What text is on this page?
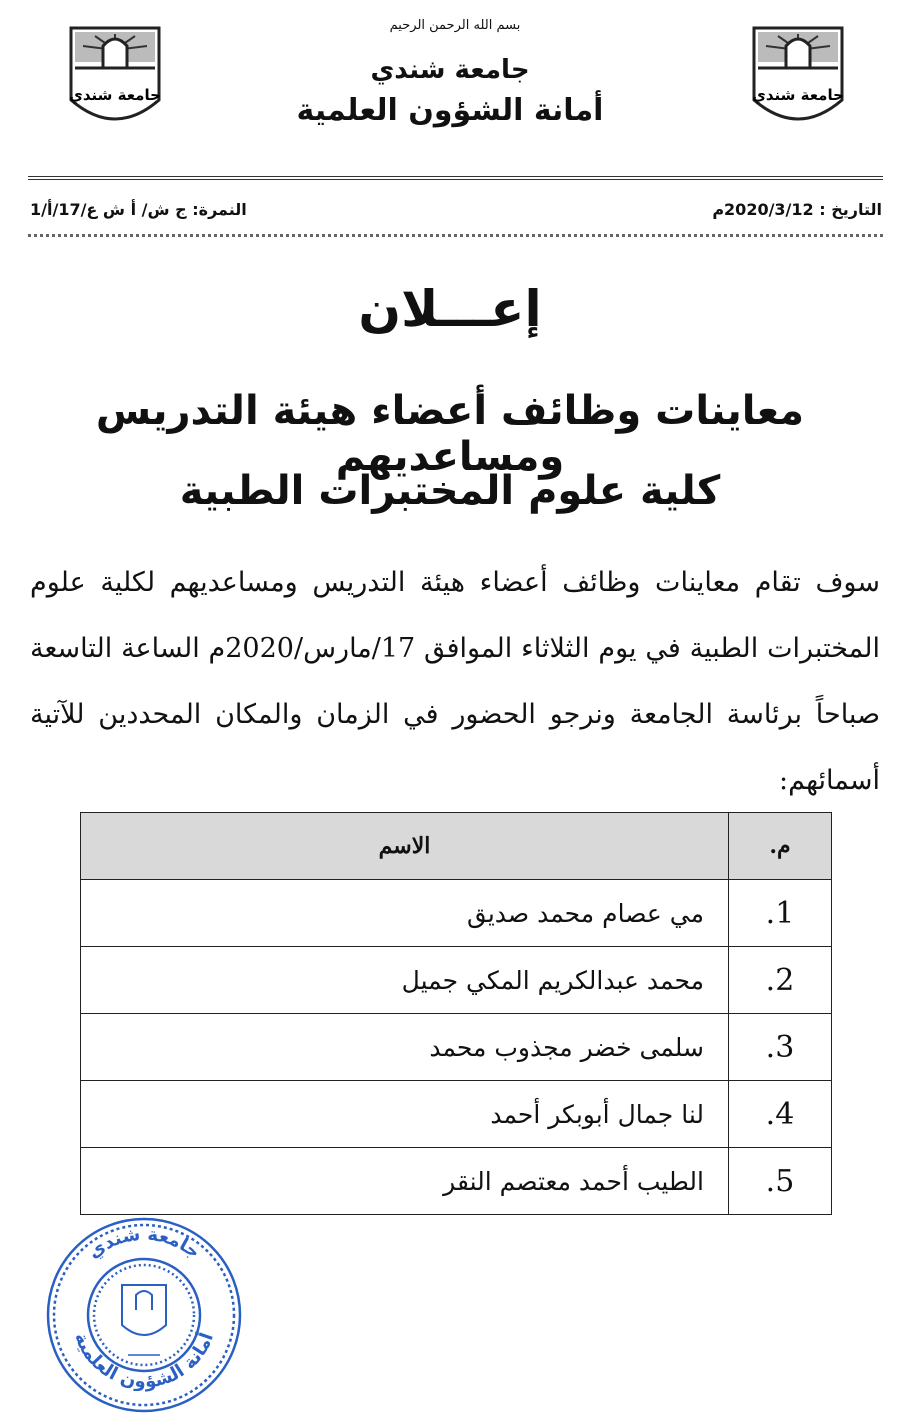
جامعة شندي	جامعة شندي
بسم الله الرحمن الرحيم
جامعة شندي
أمانة الشؤون العلمية
التاريخ : 2020/3/12م
النمرة: ج ش/ أ ش ع/17/أ/1
إعـــلان
معاينات وظائف أعضاء هيئة التدريس ومساعديهم
كلية علوم المختبرات الطبية
سوف تقام معاينات وظائف أعضاء هيئة التدريس ومساعديهم لكلية علوم المختبرات الطبية في يوم الثلاثاء الموافق 17/مارس/2020م الساعة التاسعة صباحاً برئاسة الجامعة ونرجو الحضور في الزمان والمكان المحددين للآتية أسمائهم:
م.	الاسم
1.	مي عصام محمد صديق
2.	محمد عبدالكريم المكي جميل
3.	سلمى خضر مجذوب محمد
4.	لنا جمال أبوبكر أحمد
5.	الطيب أحمد معتصم النقر
جامعة شندي
أمانة الشؤون العلمية
